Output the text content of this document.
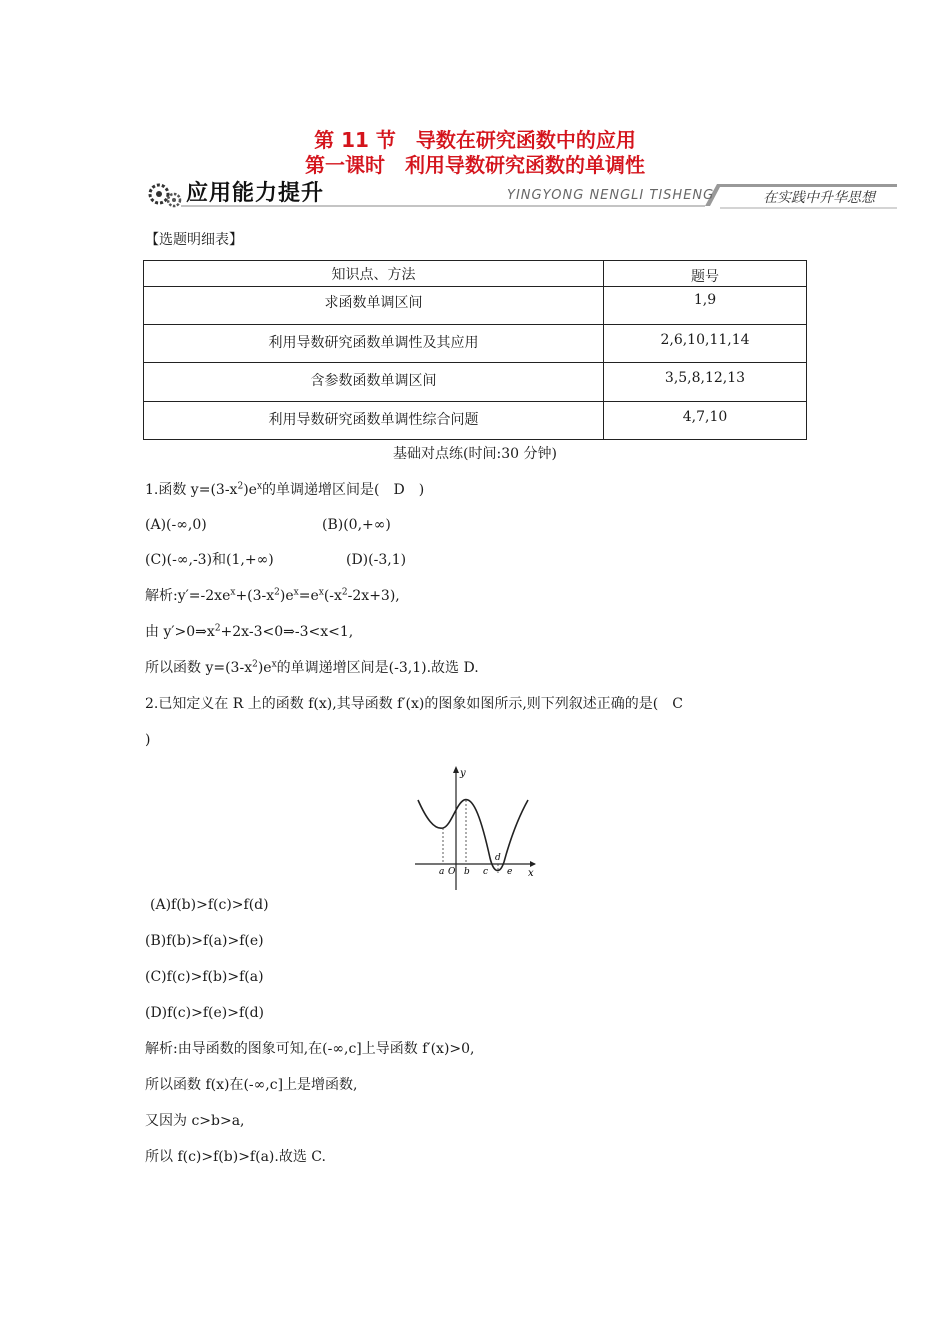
第 11 节　导数在研究函数中的应用
第一课时　利用导数研究函数的单调性
应用能力提升	YINGYONG NENGLI TISHENG	在实践中升华思想
【选题明细表】
知识点、方法	题号
求函数单调区间	1,9
利用导数研究函数单调性及其应用	2,6,10,11,14
含参数函数单调区间	3,5,8,12,13
利用导数研究函数单调性综合问题	4,7,10
基础对点练(时间:30 分钟)
1.函数 $y=(3-x^2)e^x$的单调递增区间是(　D　)
(A)(-∞,0)	(B)(0,+∞)
(C)(-∞,-3)和(1,+∞)	(D)(-3,1)
解析$:y'=-2xe^x+(3-x^2)e^x=e^x(-x^2-2x+3)$,
由 $y'>0\Rightarrow x^2+2x-3<0\Rightarrow-3<x<1$,
所以函数 $y=(3-x^2)e^x$的单调递增区间是(-3,1).故选 D.
2.已知定义在 R 上的函数 f(x),其导函数 f′(x)的图象如图所示,则下列叙述正确的是(　C
)
y
x
a O b c
d
e
(A)f(b)>f(c)>f(d)
(B)f(b)>f(a)>f(e)
(C)f(c)>f(b)>f(a)
(D)f(c)>f(e)>f(d)
解析:由导函数的图象可知,在(-∞,c]上导函数 f′(x)>0,
所以函数 f(x)在(-∞,c]上是增函数,
又因为 c>b>a,
所以 f(c)>f(b)>f(a).故选 C.
